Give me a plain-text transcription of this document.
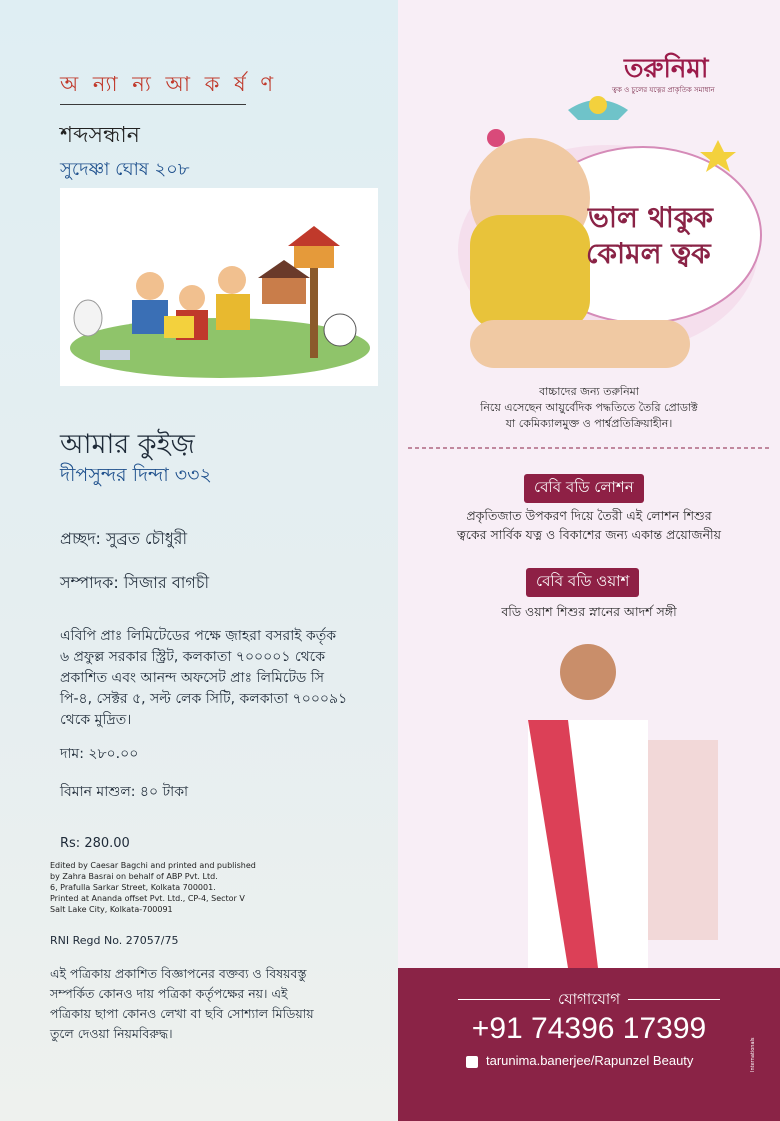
অ ন্যা ন্য আ ক র্ষ ণ
শব্দসন্ধান
সুদেষ্ণা ঘোষ ২০৮
আমার কুইজ়
দীপসুন্দর দিন্দা ৩৩২
প্রচ্ছদ: সুব্রত চৌধুরী
সম্পাদক: সিজার বাগচী
এবিপি প্রাঃ লিমিটেডের পক্ষে জ়াহরা বসরাই কর্তৃক
৬ প্রফুল্ল সরকার স্ট্রিট, কলকাতা ৭০০০০১ থেকে
প্রকাশিত এবং আনন্দ অফসেট প্রাঃ লিমিটেড সি
পি-৪, সেক্টর ৫, সল্ট লেক সিটি, কলকাতা ৭০০০৯১
থেকে মুদ্রিত।
দাম: ২৮০.০০
বিমান মাশুল: ৪০ টাকা
Rs: 280.00
Edited by Caesar Bagchi and printed and published
by Zahra Basrai on behalf of ABP Pvt. Ltd.
6, Prafulla Sarkar Street, Kolkata 700001.
Printed at Ananda offset Pvt. Ltd., CP-4, Sector V
Salt Lake City, Kolkata-700091
RNI Regd No. 27057/75
এই পত্রিকায় প্রকাশিত বিজ্ঞাপনের বক্তব্য ও বিষয়বস্তু
সম্পর্কিত কোনও দায় পত্রিকা কর্তৃপক্ষের নয়। এই
পত্রিকায় ছাপা কোনও লেখা বা ছবি সোশ্যাল মিডিয়ায়
তুলে দেওয়া নিয়মবিরুদ্ধ।
তরুনিমা
ত্বক ও চুলের যত্নের প্রাকৃতিক সমাধান
ভাল থাকুক
কোমল ত্বক
বাচ্চাদের জন্য তরুনিমা
নিয়ে এসেছেন আয়ুর্বেদিক পদ্ধতিতে তৈরি প্রোডাক্ট
যা কেমিক্যালমুক্ত ও পার্শ্বপ্রতিক্রিয়াহীন।
বেবি বডি লোশন
প্রকৃতিজাত উপকরণ দিয়ে তৈরী এই লোশন শিশুর
ত্বকের সার্বিক যত্ন ও বিকাশের জন্য একান্ত প্রয়োজনীয়
বেবি বডি ওয়াশ
বডি ওয়াশ শিশুর স্নানের আদর্শ সঙ্গী
যোগাযোগ
+91 74396 17399
tarunima.banerjee/Rapunzel Beauty	Internationals
